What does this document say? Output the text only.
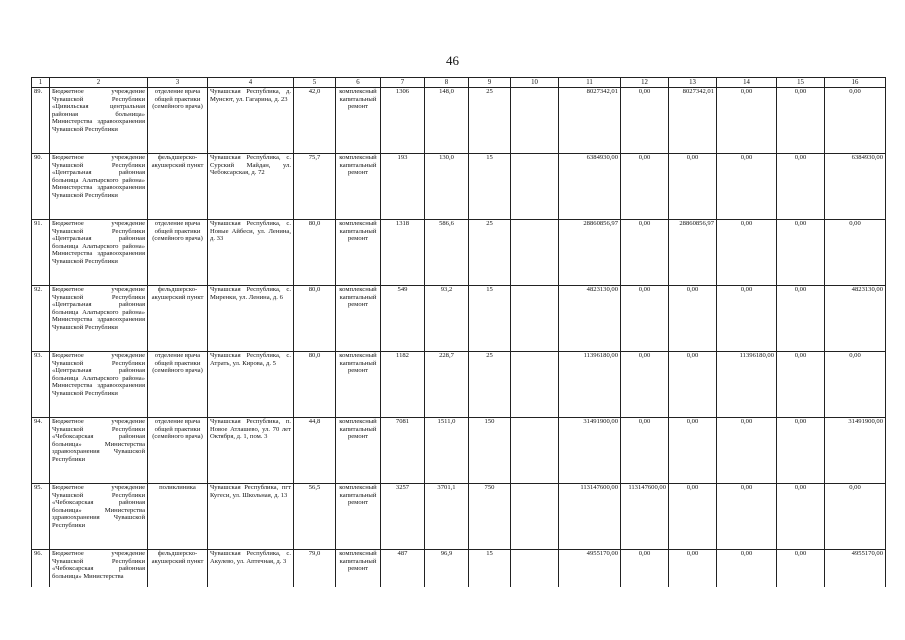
46
1	2	3	4	5	6	7	8	9	10	11	12	13	14	15	16
89.	Бюджетное учреждение Чувашской Республики «Цивильская центральная районная больница» Министерства здравоохранения Чувашской Республики	отделение врача общей практики (семейного врача)	Чувашская Республика, д. Мунсют, ул. Гагарина, д. 23	42,0	комплексный капитальный ремонт	1306	148,0	25		8027342,01	0,00	8027342,01	0,00	0,00	0,00
90.	Бюджетное учреждение Чувашской Республики «Центральная районная больница Алатырского района» Министерства здравоохранения Чувашской Республики	фельдшерско-акушерский пункт	Чувашская Республика, с. Сурский Майдан, ул. Чебоксарская, д. 72	75,7	комплексный капитальный ремонт	193	130,0	15		6384930,00	0,00	0,00	0,00	0,00	6384930,00
91.	Бюджетное учреждение Чувашской Республики «Центральная районная больница Алатырского района» Министерства здравоохранения Чувашской Республики	отделение врача общей практики (семейного врача)	Чувашская Республика, с. Новые Айбеси, ул. Ленина, д. 33	80,0	комплексный капитальный ремонт	1318	586,6	25		28860856,97	0,00	28860856,97	0,00	0,00	0,00
92.	Бюджетное учреждение Чувашской Республики «Центральная районная больница Алатырского района» Министерства здравоохранения Чувашской Республики	фельдшерско-акушерский пункт	Чувашская Республика, с. Миренки, ул. Ленина, д. 6	80,0	комплексный капитальный ремонт	549	93,2	15		4823130,00	0,00	0,00	0,00	0,00	4823130,00
93.	Бюджетное учреждение Чувашской Республики «Центральная районная больница Алатырского района» Министерства здравоохранения Чувашской Республики	отделение врача общей практики (семейного врача)	Чувашская Республика, с. Атрать, ул. Кирова, д. 5	80,0	комплексный капитальный ремонт	1182	228,7	25		11396180,00	0,00	0,00	11396180,00	0,00	0,00
94.	Бюджетное учреждение Чувашской Республики «Чебоксарская районная больница» Министерства здравоохранения Чувашской Республики	отделение врача общей практики (семейного врача)	Чувашская Республика, п. Новое Атлашево, ул. 70 лет Октября, д. 1, пом. 3	44,8	комплексный капитальный ремонт	7081	1511,0	150		31491900,00	0,00	0,00	0,00	0,00	31491900,00
95.	Бюджетное учреждение Чувашской Республики «Чебоксарская районная больница» Министерства здравоохранения Чувашской Республики	поликлиника	Чувашская Республика, пгт Кугеси, ул. Школьная, д. 13	56,5	комплексный капитальный ремонт	3257	3701,1	750		113147600,00	113147600,00	0,00	0,00	0,00	0,00
96.	Бюджетное учреждение Чувашской Республики «Чебоксарская районная больница» Министерства	фельдшерско-акушерский пункт	Чувашская Республика, с. Акулево, ул. Аптечная, д. 3	79,0	комплексный капитальный ремонт	487	96,9	15		4955170,00	0,00	0,00	0,00	0,00	4955170,00
